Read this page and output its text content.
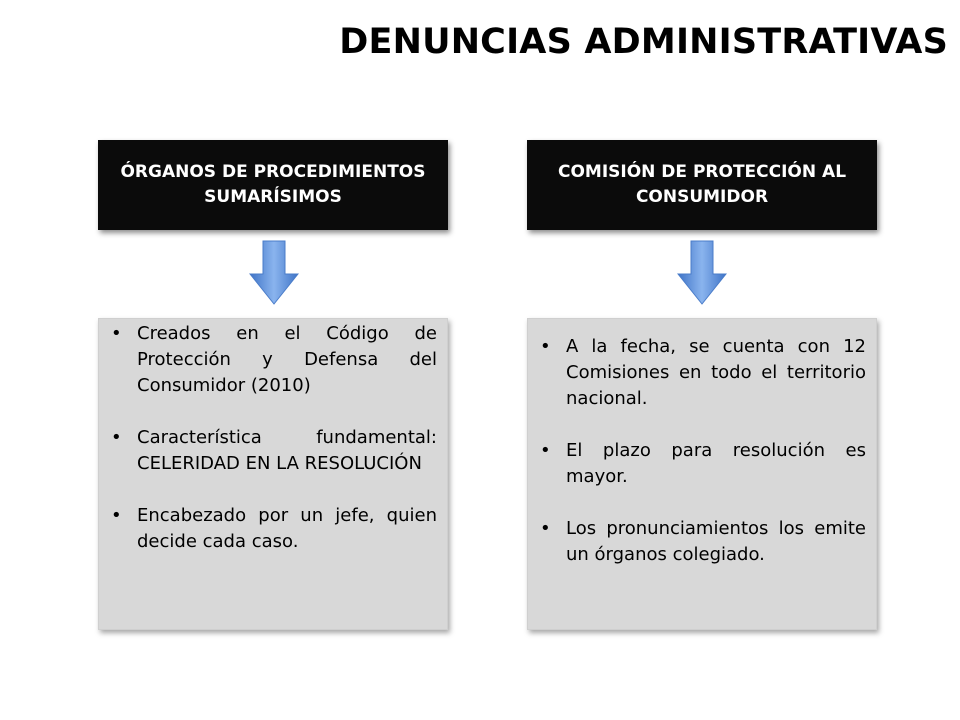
DENUNCIAS ADMINISTRATIVAS
ÓRGANOS DE PROCEDIMIENTOS SUMARÍSIMOS
• Creados en el Código de Protección y Defensa del Consumidor (2010)
• Característica fundamental: CELERIDAD EN LA RESOLUCIÓN
• Encabezado por un jefe, quien decide cada caso.
COMISIÓN DE PROTECCIÓN AL CONSUMIDOR
• A la fecha, se cuenta con 12 Comisiones en todo el territorio nacional.
• El plazo para resolución es mayor.
• Los pronunciamientos los emite un órganos colegiado.
